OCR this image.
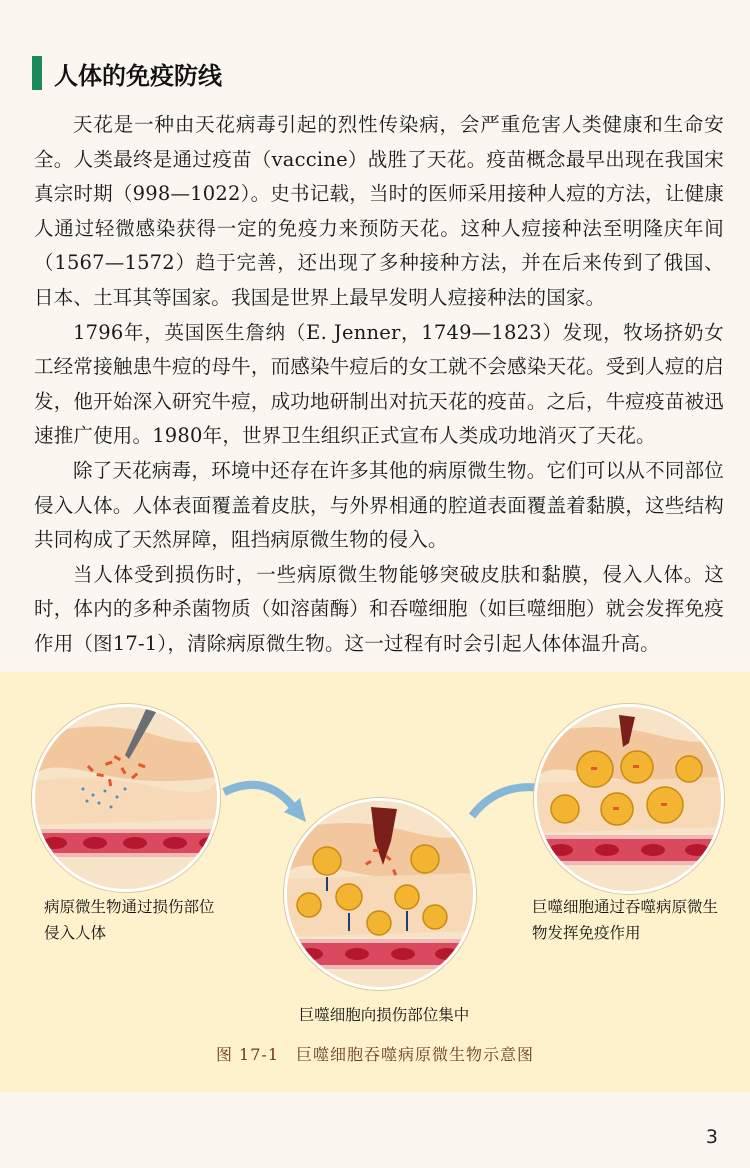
人体的免疫防线

天花是一种由天花病毒引起的烈性传染病，会严重危害人类健康和生命安全。人类最终是通过疫苗（vaccine）战胜了天花。疫苗概念最早出现在我国宋真宗时期（998—1022）。史书记载，当时的医师采用接种人痘的方法，让健康人通过轻微感染获得一定的免疫力来预防天花。这种人痘接种法至明隆庆年间（1567—1572）趋于完善，还出现了多种接种方法，并在后来传到了俄国、日本、土耳其等国家。我国是世界上最早发明人痘接种法的国家。

1796年，英国医生詹纳（E. Jenner，1749—1823）发现，牧场挤奶女工经常接触患牛痘的母牛，而感染牛痘后的女工就不会感染天花。受到人痘的启发，他开始深入研究牛痘，成功地研制出对抗天花的疫苗。之后，牛痘疫苗被迅速推广使用。1980年，世界卫生组织正式宣布人类成功地消灭了天花。

除了天花病毒，环境中还存在许多其他的病原微生物。它们可以从不同部位侵入人体。人体表面覆盖着皮肤，与外界相通的腔道表面覆盖着黏膜，这些结构共同构成了天然屏障，阻挡病原微生物的侵入。

当人体受到损伤时，一些病原微生物能够突破皮肤和黏膜，侵入人体。这时，体内的多种杀菌物质（如溶菌酶）和吞噬细胞（如巨噬细胞）就会发挥免疫作用（图17-1），清除病原微生物。这一过程有时会引起人体体温升高。

病原微生物通过损伤部位侵入人体
巨噬细胞向损伤部位集中
巨噬细胞通过吞噬病原微生物发挥免疫作用
图 17-1　巨噬细胞吞噬病原微生物示意图
3
